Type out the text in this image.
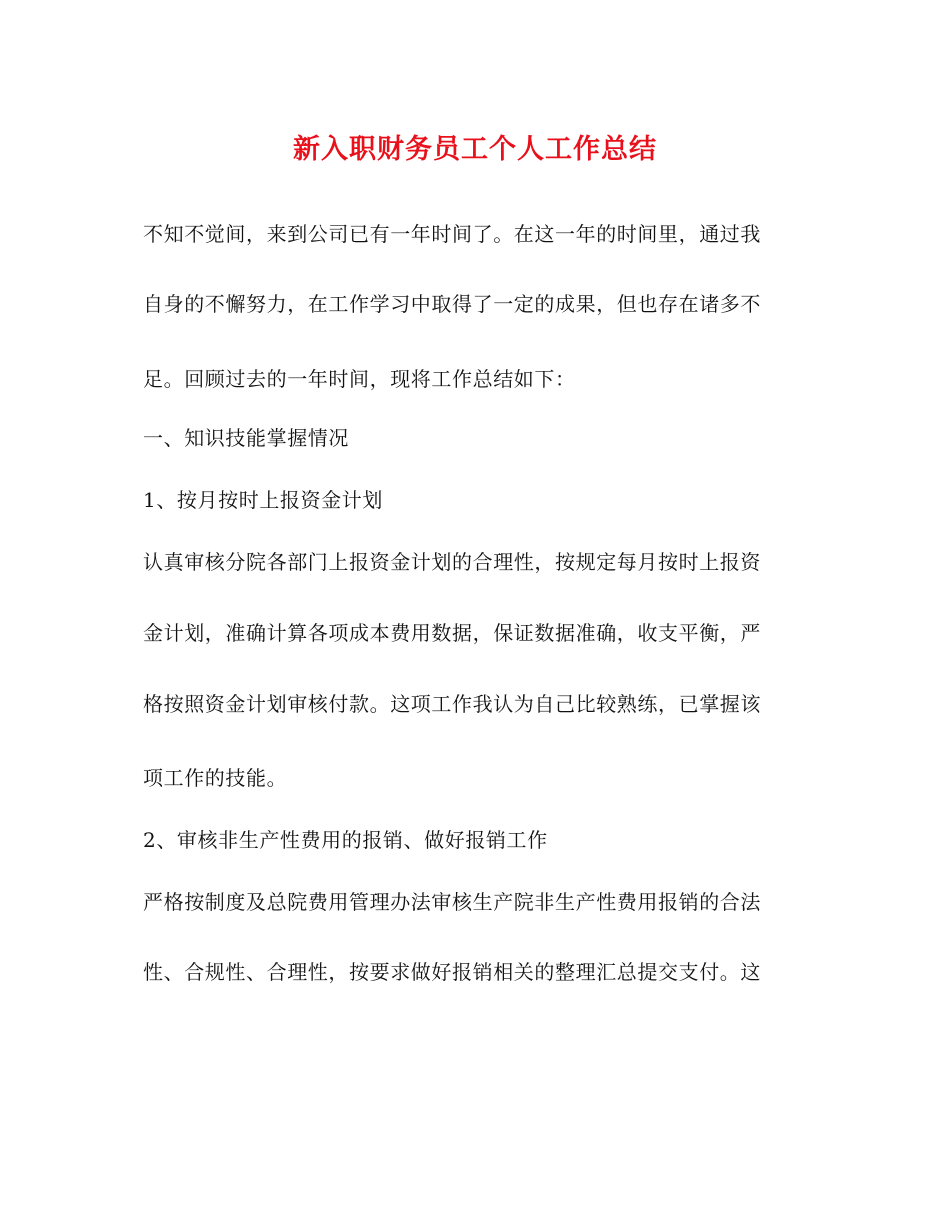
新入职财务员工个人工作总结
不知不觉间，来到公司已有一年时间了。在这一年的时间里，通过我
自身的不懈努力，在工作学习中取得了一定的成果，但也存在诸多不
足。回顾过去的一年时间，现将工作总结如下：
一、知识技能掌握情况
1、按月按时上报资金计划
认真审核分院各部门上报资金计划的合理性，按规定每月按时上报资
金计划，准确计算各项成本费用数据，保证数据准确，收支平衡，严
格按照资金计划审核付款。这项工作我认为自己比较熟练，已掌握该
项工作的技能。
2、审核非生产性费用的报销、做好报销工作
严格按制度及总院费用管理办法审核生产院非生产性费用报销的合法
性、合规性、合理性，按要求做好报销相关的整理汇总提交支付。这
